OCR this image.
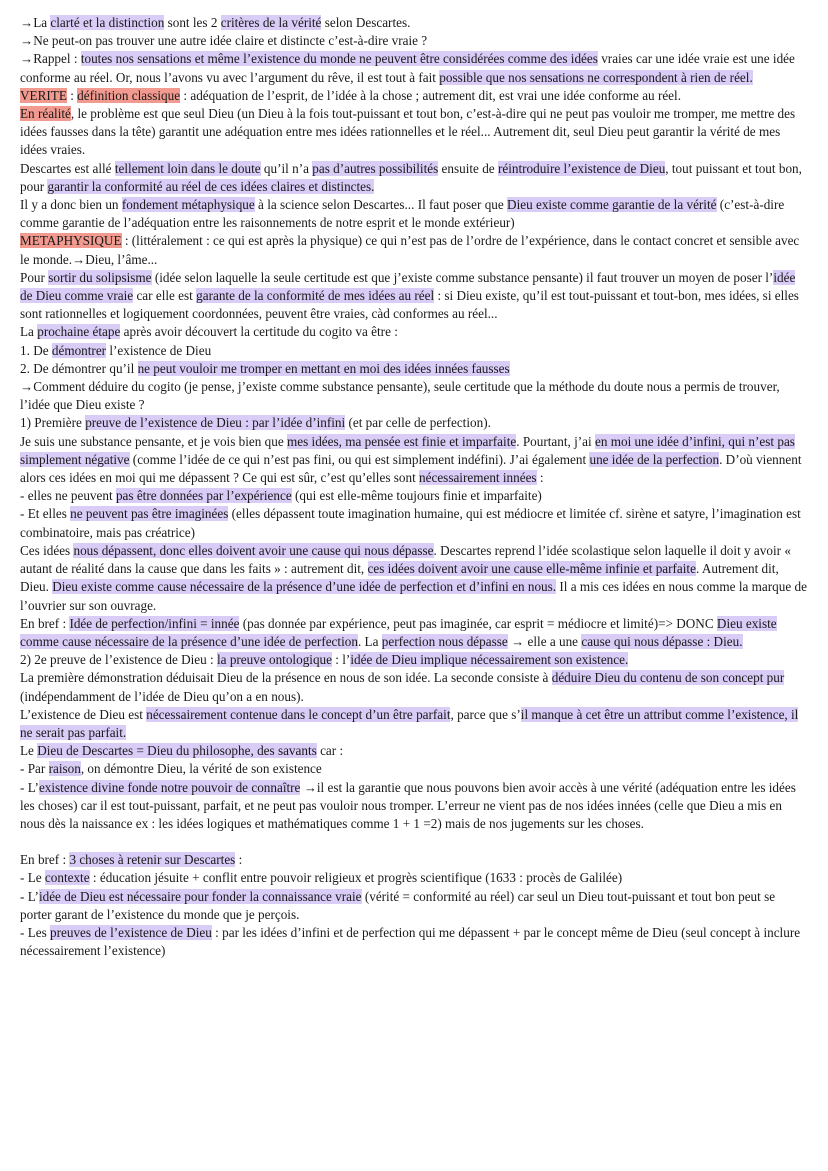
→La clarté et la distinction sont les 2 critères de la vérité selon Descartes.

→Ne peut-on pas trouver une autre idée claire et distincte c’est-à-dire vraie ?

→Rappel : toutes nos sensations et même l’existence du monde ne peuvent être considérées comme des idées vraies car une idée vraie est une idée conforme au réel. Or, nous l’avons vu avec l’argument du rêve, il est tout à fait possible que nos sensations ne correspondent à rien de réel.

VERITE : définition classique : adéquation de l’esprit, de l’idée à la chose ; autrement dit, est vrai une idée conforme au réel.

En réalité, le problème est que seul Dieu (un Dieu à la fois tout-puissant et tout bon, c’est-à-dire qui ne peut pas vouloir me tromper, me mettre des idées fausses dans la tête) garantit une adéquation entre mes idées rationnelles et le réel... Autrement dit, seul Dieu peut garantir la vérité de mes idées vraies.

Descartes est allé tellement loin dans le doute qu’il n’a pas d’autres possibilités ensuite de réintroduire l’existence de Dieu, tout puissant et tout bon, pour garantir la conformité au réel de ces idées claires et distinctes.

Il y a donc bien un fondement métaphysique à la science selon Descartes... Il faut poser que Dieu existe comme garantie de la vérité (c’est-à-dire comme garantie de l’adéquation entre les raisonnements de notre esprit et le monde extérieur)

METAPHYSIQUE : (littéralement : ce qui est après la physique) ce qui n’est pas de l’ordre de l’expérience, dans le contact concret et sensible avec le monde.→Dieu, l’âme...

Pour sortir du solipsisme (idée selon laquelle la seule certitude est que j’existe comme substance pensante) il faut trouver un moyen de poser l’idée de Dieu comme vraie car elle est garante de la conformité de mes idées au réel : si Dieu existe, qu’il est tout-puissant et tout-bon, mes idées, si elles sont rationnelles et logiquement coordonnées, peuvent être vraies, càd conformes au réel...

La prochaine étape après avoir découvert la certitude du cogito va être :

1. De démontrer l’existence de Dieu

2. De démontrer qu’il ne peut vouloir me tromper en mettant en moi des idées innées fausses

→Comment déduire du cogito (je pense, j’existe comme substance pensante), seule certitude que la méthode du doute nous a permis de trouver, l’idée que Dieu existe ?

1) Première preuve de l’existence de Dieu : par l’idée d’infini (et par celle de perfection).

Je suis une substance pensante, et je vois bien que mes idées, ma pensée est finie et imparfaite. Pourtant, j’ai en moi une idée d’infini, qui n’est pas simplement négative (comme l’idée de ce qui n’est pas fini, ou qui est simplement indéfini). J’ai également une idée de la perfection. D’où viennent alors ces idées en moi qui me dépassent ? Ce qui est sûr, c’est qu’elles sont nécessairement innées :

- elles ne peuvent pas être données par l’expérience (qui est elle-même toujours finie et imparfaite)

- Et elles ne peuvent pas être imaginées (elles dépassent toute imagination humaine, qui est médiocre et limitée cf. sirène et satyre, l’imagination est combinatoire, mais pas créatrice)

Ces idées nous dépassent, donc elles doivent avoir une cause qui nous dépasse. Descartes reprend l’idée scolastique selon laquelle il doit y avoir « autant de réalité dans la cause que dans les faits » : autrement dit, ces idées doivent avoir une cause elle-même infinie et parfaite. Autrement dit, Dieu. Dieu existe comme cause nécessaire de la présence d’une idée de perfection et d’infini en nous. Il a mis ces idées en nous comme la marque de l’ouvrier sur son ouvrage.

En bref : Idée de perfection/infini = innée (pas donnée par expérience, peut pas imaginée, car esprit = médiocre et limité)=> DONC Dieu existe comme cause nécessaire de la présence d’une idée de perfection. La perfection nous dépasse → elle a une cause qui nous dépasse : Dieu.

2) 2e preuve de l’existence de Dieu : la preuve ontologique : l’idée de Dieu implique nécessairement son existence.

La première démonstration déduisait Dieu de la présence en nous de son idée. La seconde consiste à déduire Dieu du contenu de son concept pur (indépendamment de l’idée de Dieu qu’on a en nous).

L’existence de Dieu est nécessairement contenue dans le concept d’un être parfait, parce que s’il manque à cet être un attribut comme l’existence, il ne serait pas parfait.

Le Dieu de Descartes = Dieu du philosophe, des savants car :

- Par raison, on démontre Dieu, la vérité de son existence

- L’existence divine fonde notre pouvoir de connaître →il est la garantie que nous pouvons bien avoir accès à une vérité (adéquation entre les idées les choses) car il est tout-puissant, parfait, et ne peut pas vouloir nous tromper. L’erreur ne vient pas de nos idées innées (celle que Dieu a mis en nous dès la naissance ex : les idées logiques et mathématiques comme 1 + 1 =2) mais de nos jugements sur les choses.

En bref : 3 choses à retenir sur Descartes :

- Le contexte : éducation jésuite + conflit entre pouvoir religieux et progrès scientifique (1633 : procès de Galilée)

- L’idée de Dieu est nécessaire pour fonder la connaissance vraie (vérité = conformité au réel) car seul un Dieu tout-puissant et tout bon peut se porter garant de l’existence du monde que je perçois.

- Les preuves de l’existence de Dieu : par les idées d’infini et de perfection qui me dépassent + par le concept même de Dieu (seul concept à inclure nécessairement l’existence)
